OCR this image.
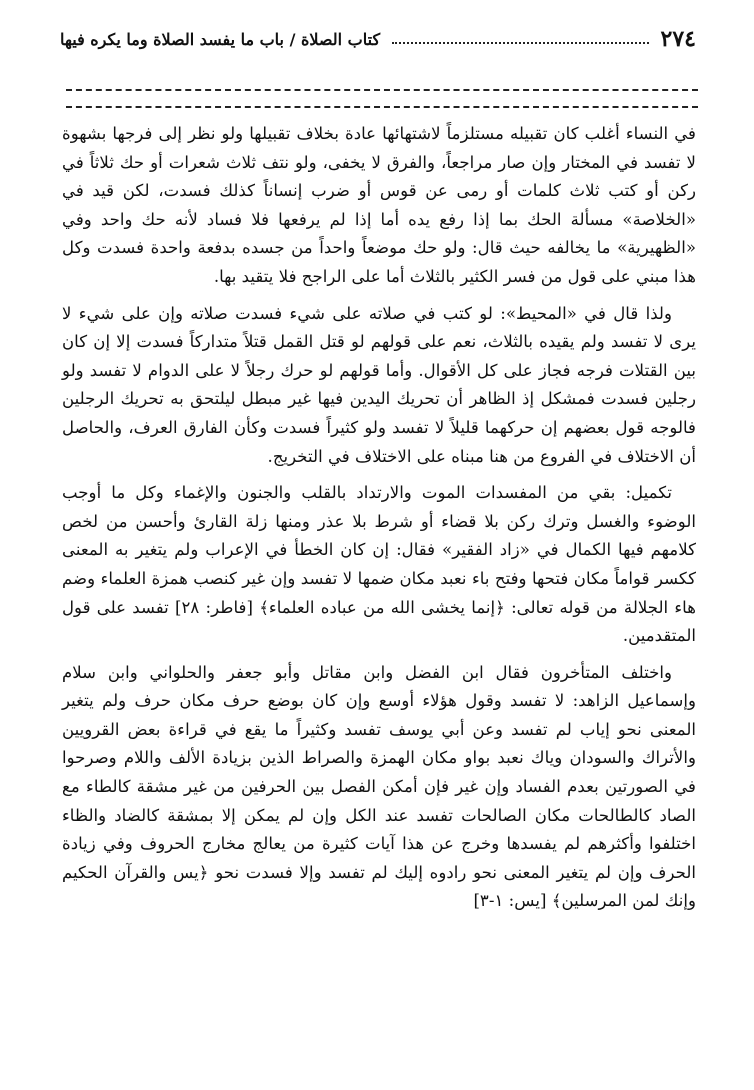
كتاب الصلاة / باب ما يفسد الصلاة وما يكره فيها	٢٧٤

في النساء أغلب كان تقبيله مستلزماً لاشتهائها عادة بخلاف تقبيلها ولو نظر إلى فرجها بشهوة لا تفسد في المختار وإن صار مراجعاً، والفرق لا يخفى، ولو نتف ثلاث شعرات أو حك ثلاثاً في ركن أو كتب ثلاث كلمات أو رمى عن قوس أو ضرب إنساناً كذلك فسدت، لكن قيد في «الخلاصة» مسألة الحك بما إذا رفع يده أما إذا لم يرفعها فلا فساد لأنه حك واحد وفي «الظهيرية» ما يخالفه حيث قال: ولو حك موضعاً واحداً من جسده بدفعة واحدة فسدت وكل هذا مبني على قول من فسر الكثير بالثلاث أما على الراجح فلا يتقيد بها.

ولذا قال في «المحيط»: لو كتب في صلاته على شيء فسدت صلاته وإن على شيء لا يرى لا تفسد ولم يقيده بالثلاث، نعم على قولهم لو قتل القمل قتلاً متداركاً فسدت إلا إن كان بين القتلات فرجه فجاز على كل الأقوال. وأما قولهم لو حرك رجلاً لا على الدوام لا تفسد ولو رجلين فسدت فمشكل إذ الظاهر أن تحريك اليدين فيها غير مبطل ليلتحق به تحريك الرجلين فالوجه قول بعضهم إن حركهما قليلاً لا تفسد ولو كثيراً فسدت وكأن الفارق العرف، والحاصل أن الاختلاف في الفروع من هنا مبناه على الاختلاف في التخريج.

تكميل: بقي من المفسدات الموت والارتداد بالقلب والجنون والإغماء وكل ما أوجب الوضوء والغسل وترك ركن بلا قضاء أو شرط بلا عذر ومنها زلة القارئ وأحسن من لخص كلامهم فيها الكمال في «زاد الفقير» فقال: إن كان الخطأ في الإعراب ولم يتغير به المعنى ككسر قواماً مكان فتحها وفتح باء نعبد مكان ضمها لا تفسد وإن غير كنصب همزة العلماء وضم هاء الجلالة من قوله تعالى: ﴿إنما يخشى الله من عباده العلماء﴾ [فاطر: ٢٨] تفسد على قول المتقدمين.

واختلف المتأخرون فقال ابن الفضل وابن مقاتل وأبو جعفر والحلواني وابن سلام وإسماعيل الزاهد: لا تفسد وقول هؤلاء أوسع وإن كان بوضع حرف مكان حرف ولم يتغير المعنى نحو إياب لم تفسد وعن أبي يوسف تفسد وكثيراً ما يقع في قراءة بعض القرويين والأتراك والسودان وياك نعبد بواو مكان الهمزة والصراط الذين بزيادة الألف واللام وصرحوا في الصورتين بعدم الفساد وإن غير فإن أمكن الفصل بين الحرفين من غير مشقة كالطاء مع الصاد كالطالحات مكان الصالحات تفسد عند الكل وإن لم يمكن إلا بمشقة كالضاد والظاء اختلفوا وأكثرهم لم يفسدها وخرج عن هذا آيات كثيرة من يعالج مخارج الحروف وفي زيادة الحرف وإن لم يتغير المعنى نحو رادوه إليك لم تفسد وإلا فسدت نحو ﴿يس والقرآن الحكيم وإنك لمن المرسلين﴾ [يس: ١-٣]
